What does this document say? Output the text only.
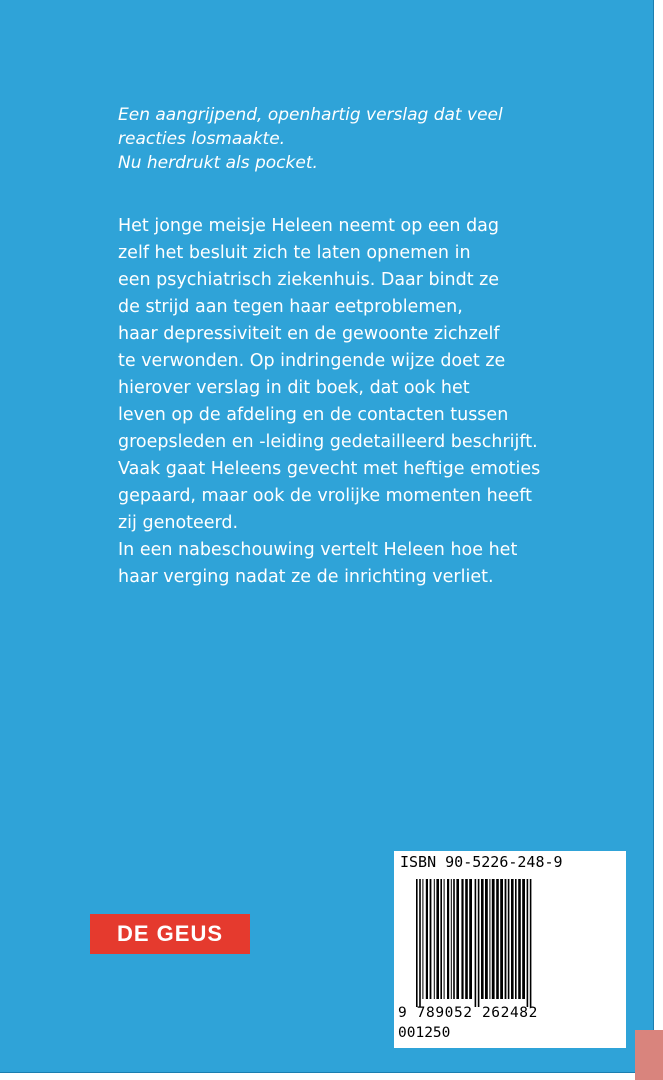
Een aangrijpend, openhartig verslag dat veel
reacties losmaakte.
Nu herdrukt als pocket.
Het jonge meisje Heleen neemt op een dag
zelf het besluit zich te laten opnemen in
een psychiatrisch ziekenhuis. Daar bindt ze
de strijd aan tegen haar eetproblemen,
haar depressiviteit en de gewoonte zichzelf
te verwonden. Op indringende wijze doet ze
hierover verslag in dit boek, dat ook het
leven op de afdeling en de contacten tussen
groepsleden en -leiding gedetailleerd beschrijft.
Vaak gaat Heleens gevecht met heftige emoties
gepaard, maar ook de vrolijke momenten heeft
zij genoteerd.
In een nabeschouwing vertelt Heleen hoe het
haar verging nadat ze de inrichting verliet.
DE GEUS
ISBN 90-5226-248-9
9 789052 262482
001250
